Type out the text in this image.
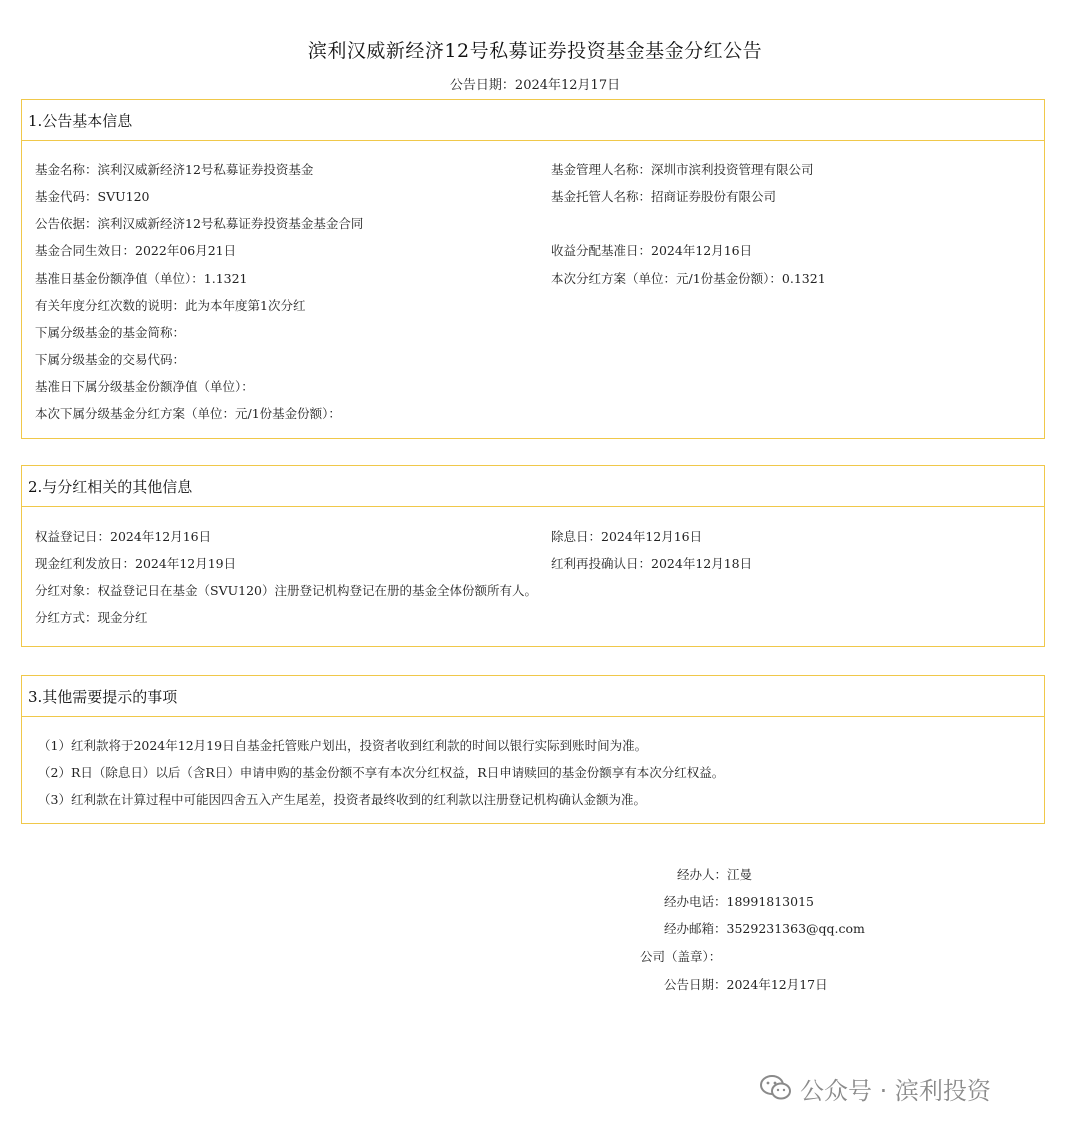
滨利汉威新经济12号私募证券投资基金基金分红公告
公告日期：2024年12月17日
1.公告基本信息
基金名称：滨利汉威新经济12号私募证券投资基金
基金代码：SVU120
公告依据：滨利汉威新经济12号私募证券投资基金基金合同
基金合同生效日：2022年06月21日
基准日基金份额净值（单位）：1.1321
有关年度分红次数的说明：此为本年度第1次分红
下属分级基金的基金简称：
下属分级基金的交易代码：
基准日下属分级基金份额净值（单位）：
本次下属分级基金分红方案（单位：元/1份基金份额）：
基金管理人名称：深圳市滨利投资管理有限公司
基金托管人名称：招商证券股份有限公司
收益分配基准日：2024年12月16日
本次分红方案（单位：元/1份基金份额）：0.1321
2.与分红相关的其他信息
权益登记日：2024年12月16日
现金红利发放日：2024年12月19日
分红对象：权益登记日在基金（SVU120）注册登记机构登记在册的基金全体份额所有人。
分红方式：现金分红
除息日：2024年12月16日
红利再投确认日：2024年12月18日
3.其他需要提示的事项
（1）红利款将于2024年12月19日自基金托管账户划出，投资者收到红利款的时间以银行实际到账时间为准。
（2）R日（除息日）以后（含R日）申请申购的基金份额不享有本次分红权益，R日申请赎回的基金份额享有本次分红权益。
（3）红利款在计算过程中可能因四舍五入产生尾差，投资者最终收到的红利款以注册登记机构确认金额为准。
经办人：江曼
经办电话：18991813015
经办邮箱：3529231363@qq.com
公司（盖章）：
公告日期：2024年12月17日
公众号 · 滨利投资
